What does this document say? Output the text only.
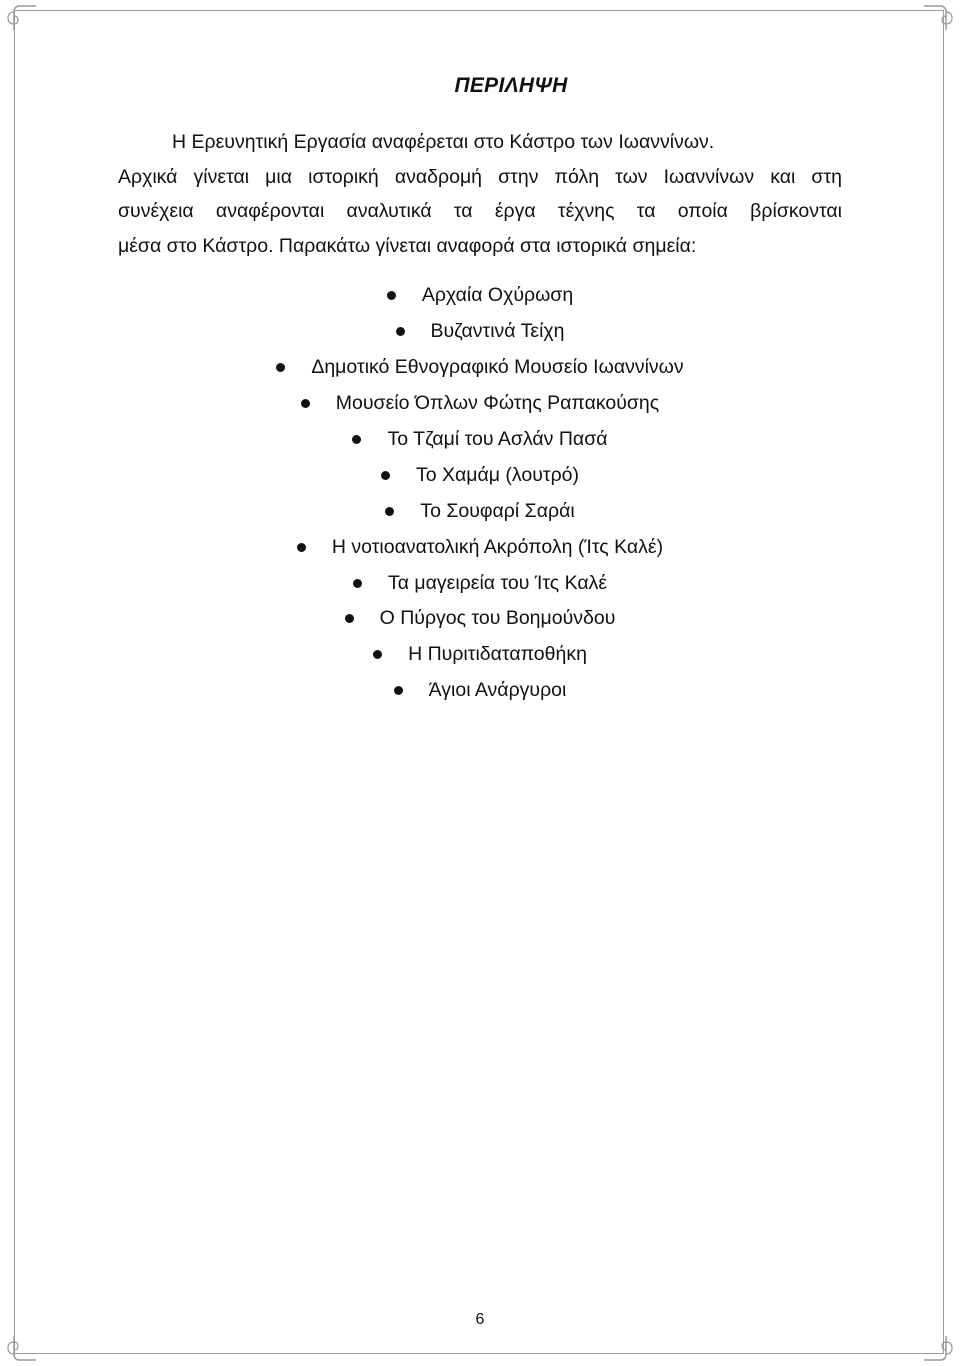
ΠΕΡΙΛΗΨΗ
Η Ερευνητική Εργασία αναφέρεται στο Κάστρο των Ιωαννίνων.
Αρχικά γίνεται μια ιστορική αναδρομή στην πόλη των Ιωαννίνων και στη
συνέχεια αναφέρονται αναλυτικά τα έργα τέχνης τα οποία βρίσκονται
μέσα στο Κάστρο. Παρακάτω γίνεται αναφορά στα ιστορικά σημεία:
Αρχαία Οχύρωση
Βυζαντινά Τείχη
Δημοτικό Εθνογραφικό Μουσείο Ιωαννίνων
Μουσείο Όπλων Φώτης Ραπακούσης
Το Τζαμί του Ασλάν Πασά
Το Χαμάμ (λουτρό)
Το Σουφαρί Σαράι
Η νοτιοανατολική Ακρόπολη (Ίτς Καλέ)
Τα μαγειρεία του Ίτς Καλέ
Ο Πύργος του Βοημούνδου
Η Πυριτιδαταποθήκη
Άγιοι Ανάργυροι
6
